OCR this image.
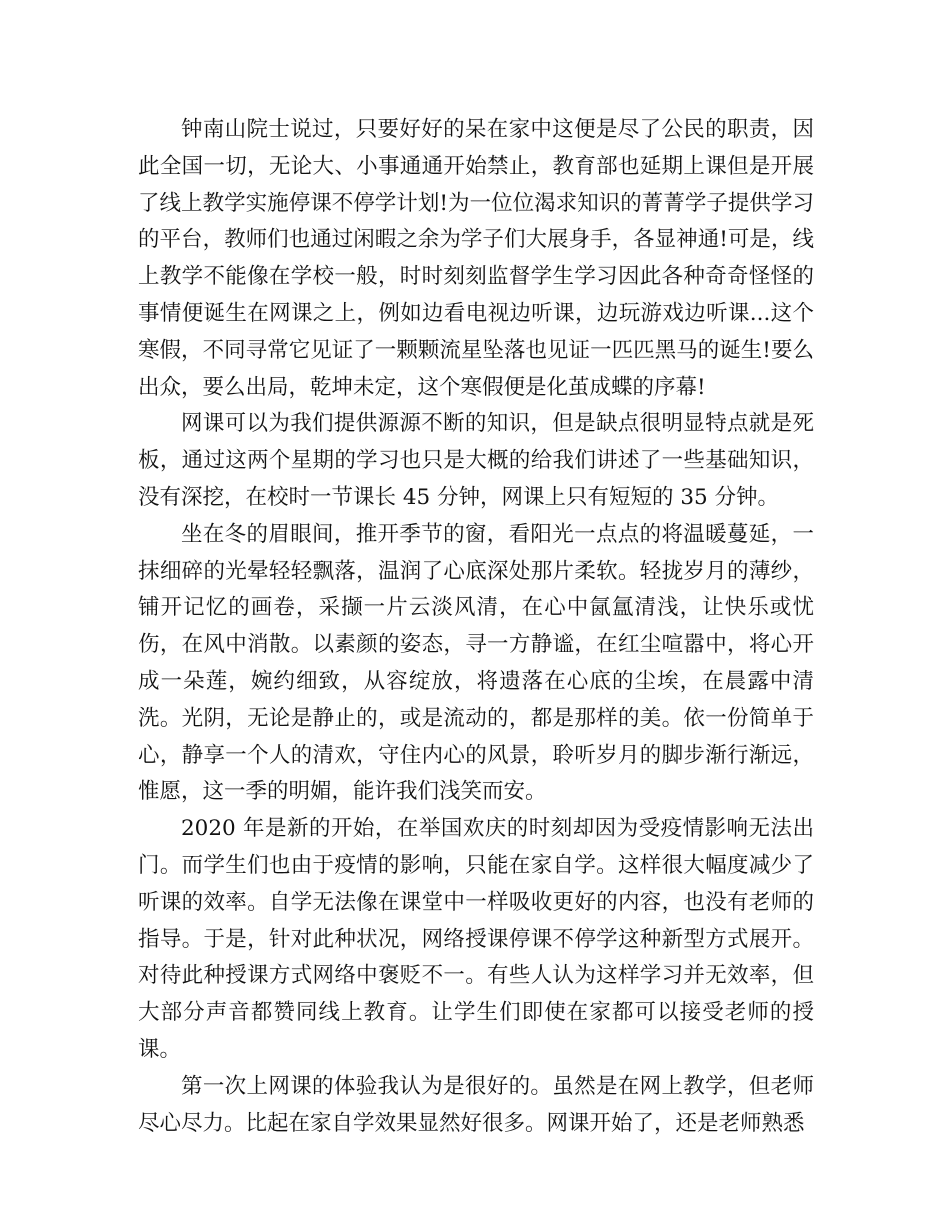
钟南山院士说过，只要好好的呆在家中这便是尽了公民的职责，因此全国一切，无论大、小事通通开始禁止，教育部也延期上课但是开展了线上教学实施停课不停学计划!为一位位渴求知识的菁菁学子提供学习的平台，教师们也通过闲暇之余为学子们大展身手，各显神通!可是，线上教学不能像在学校一般，时时刻刻监督学生学习因此各种奇奇怪怪的事情便诞生在网课之上，例如边看电视边听课，边玩游戏边听课...这个寒假，不同寻常它见证了一颗颗流星坠落也见证一匹匹黑马的诞生!要么出众，要么出局，乾坤未定，这个寒假便是化茧成蝶的序幕!

网课可以为我们提供源源不断的知识，但是缺点很明显特点就是死板，通过这两个星期的学习也只是大概的给我们讲述了一些基础知识，没有深挖，在校时一节课长 45 分钟，网课上只有短短的 35 分钟。

坐在冬的眉眼间，推开季节的窗，看阳光一点点的将温暖蔓延，一抹细碎的光晕轻轻飘落，温润了心底深处那片柔软。轻拢岁月的薄纱，铺开记忆的画卷，采撷一片云淡风清，在心中氤氲清浅，让快乐或忧伤，在风中消散。以素颜的姿态，寻一方静谧，在红尘喧嚣中，将心开成一朵莲，婉约细致，从容绽放，将遗落在心底的尘埃，在晨露中清洗。光阴，无论是静止的，或是流动的，都是那样的美。依一份简单于心，静享一个人的清欢，守住内心的风景，聆听岁月的脚步渐行渐远，惟愿，这一季的明媚，能许我们浅笑而安。

2020 年是新的开始，在举国欢庆的时刻却因为受疫情影响无法出门。而学生们也由于疫情的影响，只能在家自学。这样很大幅度减少了听课的效率。自学无法像在课堂中一样吸收更好的内容，也没有老师的指导。于是，针对此种状况，网络授课停课不停学这种新型方式展开。对待此种授课方式网络中褒贬不一。有些人认为这样学习并无效率，但大部分声音都赞同线上教育。让学生们即使在家都可以接受老师的授课。

第一次上网课的体验我认为是很好的。虽然是在网上教学，但老师尽心尽力。比起在家自学效果显然好很多。网课开始了，还是老师熟悉
